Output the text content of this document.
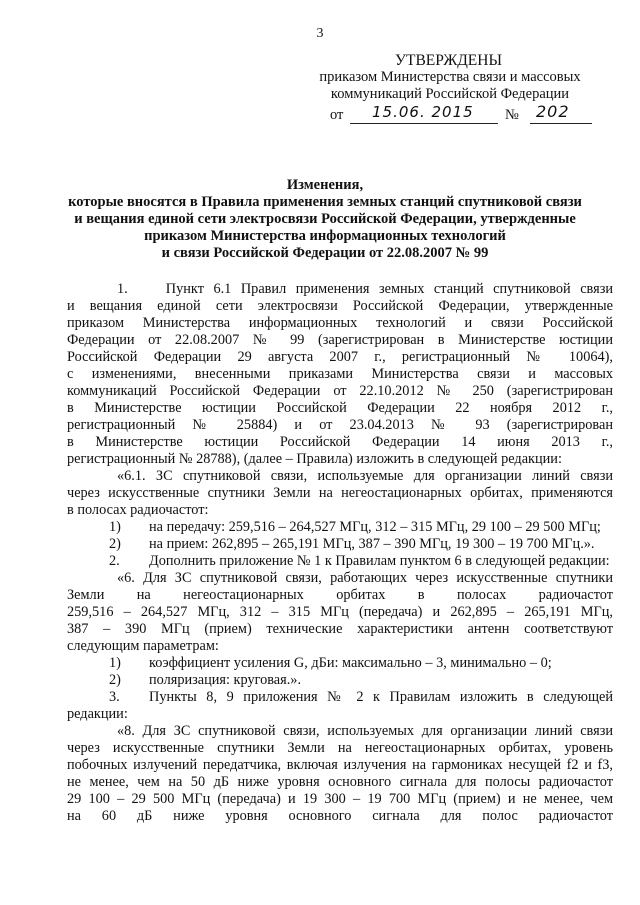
3
УТВЕРЖДЕНЫ
приказом Министерства связи и массовых
коммуникаций Российской Федерации
от 15.06. 2015 № 202
Изменения,
которые вносятся в Правила применения земных станций спутниковой связи
и вещания единой сети электросвязи Российской Федерации, утвержденные
приказом Министерства информационных технологий
и связи Российской Федерации от 22.08.2007 № 99

1.    Пункт 6.1 Правил применения земных станций спутниковой связи

и вещания единой сети электросвязи Российской Федерации, утвержденные

приказом Министерства информационных технологий и связи Российской

Федерации от 22.08.2007 № 99 (зарегистрирован в Министерстве юстиции

Российской Федерации 29 августа 2007 г., регистрационный № 10064),

с изменениями, внесенными приказами Министерства связи и массовых

коммуникаций Российской Федерации от 22.10.2012 № 250 (зарегистрирован

в Министерстве юстиции Российской Федерации 22 ноября 2012 г.,

регистрационный № 25884) и от 23.04.2013 № 93 (зарегистрирован

в Министерстве юстиции Российской Федерации 14 июня 2013 г.,

регистрационный № 28788), (далее – Правила) изложить в следующей редакции:

«6.1. ЗС спутниковой связи, используемые для организации линий связи

через искусственные спутники Земли на негеостационарных орбитах, применяются

в полосах радиочастот:

1)	на передачу: 259,516 – 264,527 МГц, 312 – 315 МГц, 29 100 – 29 500 МГц;
2)	на прием: 262,895 – 265,191 МГц, 387 – 390 МГц, 19 300 – 19 700 МГц.».
2.	Дополнить приложение № 1 к Правилам пунктом 6 в следующей редакции:

«6. Для ЗС спутниковой связи, работающих через искусственные спутники

Земли на негеостационарных орбитах в полосах радиочастот

259,516 – 264,527 МГц, 312 – 315 МГц (передача) и 262,895 – 265,191 МГц,

387 – 390 МГц (прием) технические характеристики антенн соответствуют

следующим параметрам:

1)	коэффициент усиления G, дБи: максимально – 3, минимально – 0;
2)	поляризация: круговая.».
3.	Пункты 8, 9 приложения № 2 к Правилам изложить в следующей

редакции:

«8. Для ЗС спутниковой связи, используемых для организации линий связи

через искусственные спутники Земли на негеостационарных орбитах, уровень

побочных излучений передатчика, включая излучения на гармониках несущей f2 и f3,

не менее, чем на 50 дБ ниже уровня основного сигнала для полосы радиочастот

29 100 – 29 500 МГц (передача) и 19 300 – 19 700 МГц (прием) и не менее, чем

на 60 дБ ниже уровня основного сигнала для полос радиочастот
